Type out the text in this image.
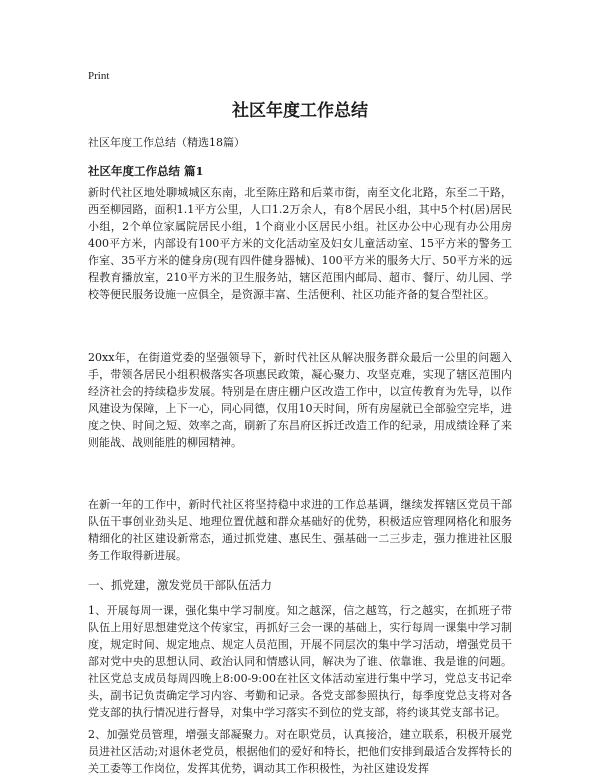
Print
社区年度工作总结
社区年度工作总结（精选18篇）
社区年度工作总结 篇1

新时代社区地处聊城城区东南，北至陈庄路和后菜市街，南至文化北路，东至二干路，西至柳园路，面积1.1平方公里，人口1.2万余人，有8个居民小组，其中5个村(居)居民小组，2个单位家属院居民小组，1个商业小区居民小组。社区办公中心现有办公用房400平方米，内部设有100平方米的文化活动室及妇女儿童活动室、15平方米的警务工作室、35平方米的健身房(现有四件健身器械)、100平方米的服务大厅、50平方米的远程教育播放室，210平方米的卫生服务站，辖区范围内邮局、超市、餐厅、幼儿园、学校等便民服务设施一应俱全，是资源丰富、生活便利、社区功能齐备的复合型社区。

20xx年，在街道党委的坚强领导下，新时代社区从解决服务群众最后一公里的问题入手，带领各居民小组积极落实各项惠民政策，凝心聚力、攻坚克难，实现了辖区范围内经济社会的持续稳步发展。特别是在唐庄棚户区改造工作中，以宣传教育为先导，以作风建设为保障，上下一心，同心同德，仅用10天时间，所有房屋就已全部验空完毕，进度之快、时间之短、效率之高，刷新了东昌府区拆迁改造工作的纪录，用成绩诠释了来则能战、战则能胜的柳园精神。

在新一年的工作中，新时代社区将坚持稳中求进的工作总基调，继续发挥辖区党员干部队伍干事创业劲头足、地理位置优越和群众基础好的优势，积极适应管理网格化和服务精细化的社区建设新常态，通过抓党建、惠民生、强基础一二三步走，强力推进社区服务工作取得新进展。

一、抓党建，激发党员干部队伍活力

1、开展每周一课，强化集中学习制度。知之越深，信之越笃，行之越实，在抓班子带队伍上用好思想建党这个传家宝，再抓好三会一课的基础上，实行每周一课集中学习制度，规定时间、规定地点、规定人员范围，开展不同层次的集中学习活动，增强党员干部对党中央的思想认同、政治认同和情感认同，解决为了谁、依靠谁、我是谁的问题。社区党总支成员每周四晚上8:00-9:00在社区文体活动室进行集中学习，党总支书记牵头，副书记负责确定学习内容、考勤和记录。各党支部参照执行，每季度党总支将对各党支部的执行情况进行督导，对集中学习落实不到位的党支部，将约谈其党支部书记。

2、加强党员管理，增强支部凝聚力。对在职党员，认真接洽，建立联系，积极开展党员进社区活动;对退休老党员，根据他们的爱好和特长，把他们安排到最适合发挥特长的关工委等工作岗位，发挥其优势，调动其工作积极性，为社区建设发挥
